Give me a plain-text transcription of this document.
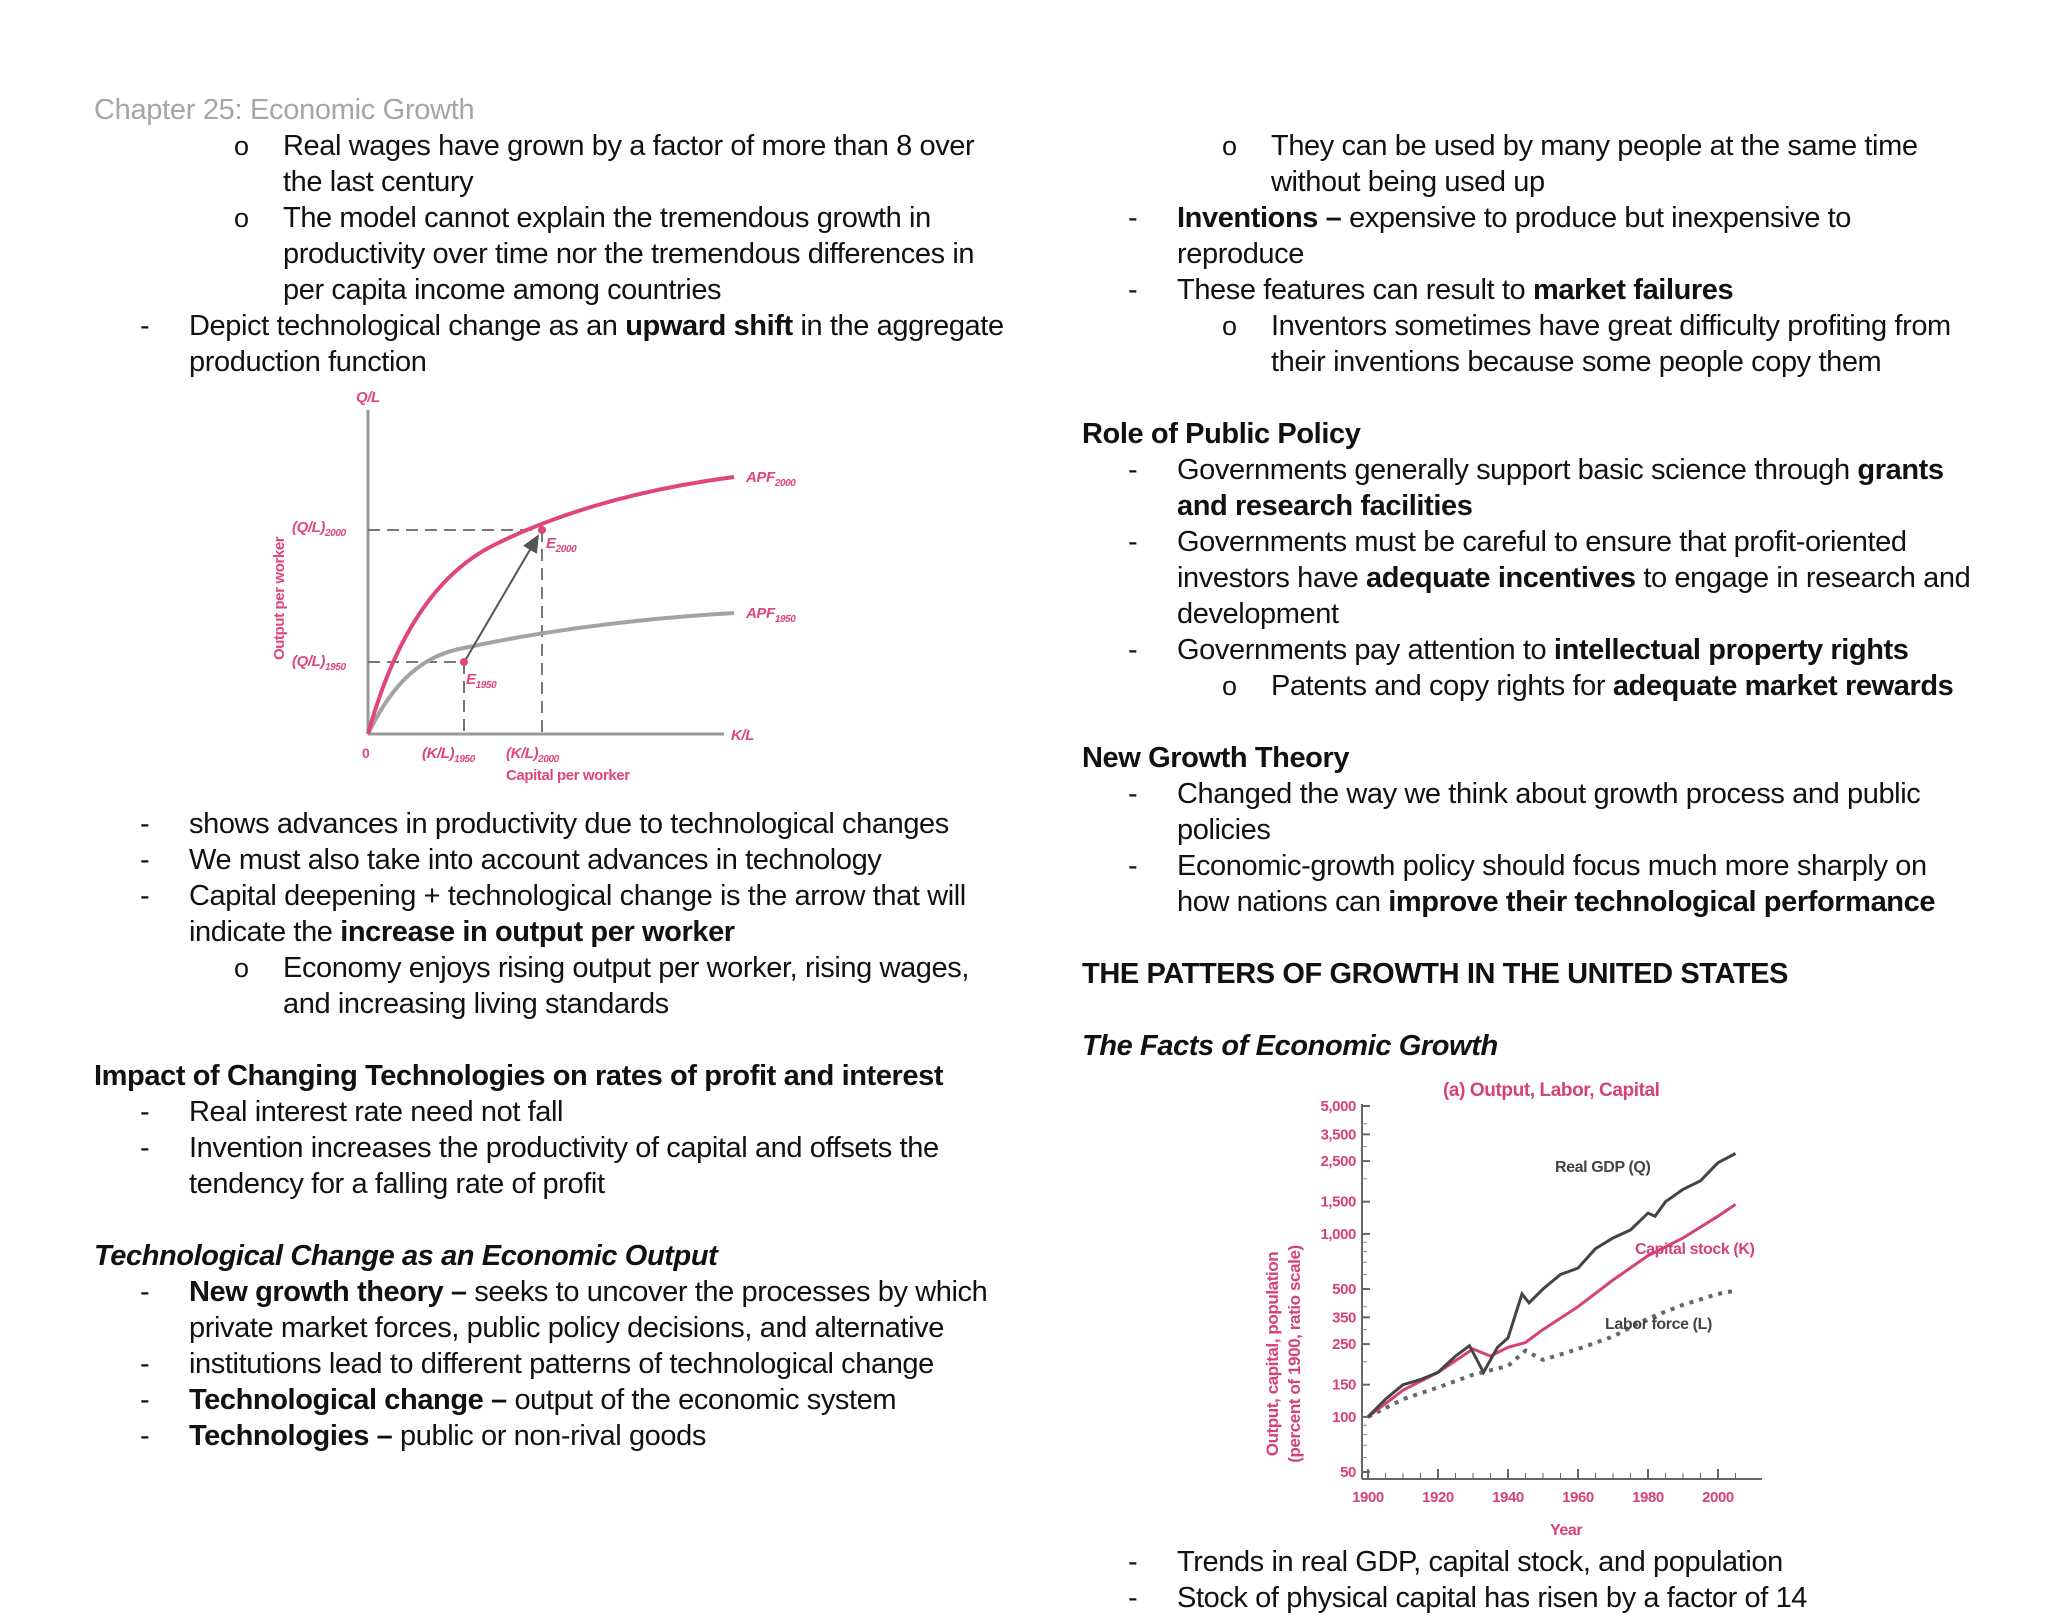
Chapter 25: Economic Growth
o Real wages have grown by a factor of more than 8 over the last century
o The model cannot explain the tremendous growth in productivity over time nor the tremendous differences in per capita income among countries
- Depict technological change as an upward shift in the aggregate production function
Q/L
Output per worker
$(Q/L)_{2000}$
$(Q/L)_{1950}$
0	$(K/L)_{1950}$ $(K/L)_{2000}$
K/L
Capital per worker
$APF_{2000}$
$APF_{1950}$
$E_{2000}$
$E_{1950}$
- shows advances in productivity due to technological changes
- We must also take into account advances in technology
- Capital deepening + technological change is the arrow that will indicate the increase in output per worker
o Economy enjoys rising output per worker, rising wages, and increasing living standards
Impact of Changing Technologies on rates of profit and interest
- Real interest rate need not fall
- Invention increases the productivity of capital and offsets the tendency for a falling rate of profit
Technological Change as an Economic Output
- New growth theory – seeks to uncover the processes by which private market forces, public policy decisions, and alternative
- institutions lead to different patterns of technological change
- Technological change – output of the economic system
- Technologies – public or non-rival goods
o They can be used by many people at the same time without being used up
- Inventions – expensive to produce but inexpensive to reproduce
- These features can result to market failures
o Inventors sometimes have great difficulty profiting from their inventions because some people copy them
Role of Public Policy
- Governments generally support basic science through grants and research facilities
- Governments must be careful to ensure that profit-oriented investors have adequate incentives to engage in research and development
- Governments pay attention to intellectual property rights
o Patents and copy rights for adequate market rewards
New Growth Theory
- Changed the way we think about growth process and public policies
- Economic-growth policy should focus much more sharply on how nations can improve their technological performance
THE PATTERS OF GROWTH IN THE UNITED STATES
The Facts of Economic Growth
(a) Output, Labor, Capital
Output, capital, population (percent of 1900, ratio scale)
5,000
3,500
2,500
1,500
1,000
500
350
250
150
100
50
1900	1920	1940	1960	1980	2000
Year
Real GDP (Q)
Capital stock (K)
Labor force (L)
- Trends in real GDP, capital stock, and population
- Stock of physical capital has risen by a factor of 14
